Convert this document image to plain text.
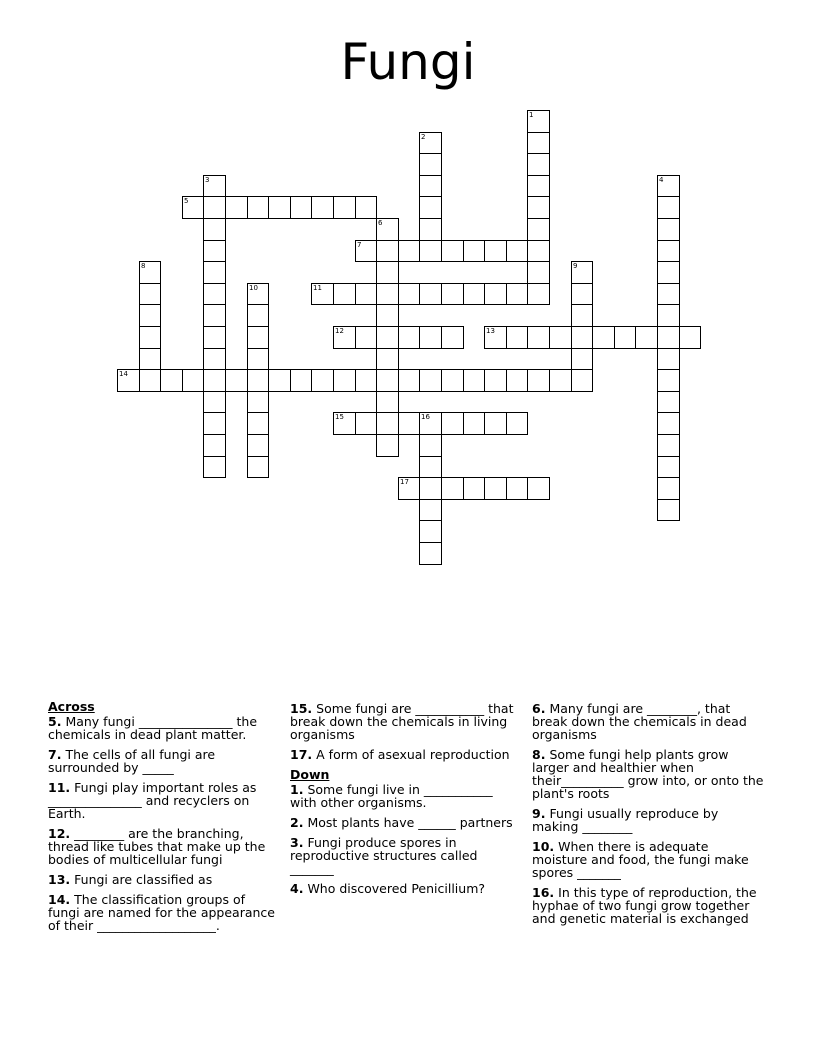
Fungi
1
2
3	4
5
6
7
8	9
10	11
12	13
14
15	16
17
Across
5. Many fungi _______________ the chemicals in dead plant matter.
7. The cells of all fungi are surrounded by _____
11. Fungi play important roles as _______________ and recyclers on Earth.
12. ________ are the branching, thread like tubes that make up the bodies of multicellular fungi
13. Fungi are classified as
14. The classification groups of fungi are named for the appearance of their ___________________.
15. Some fungi are ___________ that break down the chemicals in living organisms
17. A form of asexual reproduction
Down
1. Some fungi live in ___________ with other organisms.
2. Most plants have ______ partners
3. Fungi produce spores in reproductive structures called _______
4. Who discovered Penicillium?
6. Many fungi are ________, that break down the chemicals in dead organisms
8. Some fungi help plants grow larger and healthier when their__________ grow into, or onto the plant's roots
9. Fungi usually reproduce by making ________
10. When there is adequate moisture and food, the fungi make spores _______
16. In this type of reproduction, the hyphae of two fungi grow together and genetic material is exchanged
